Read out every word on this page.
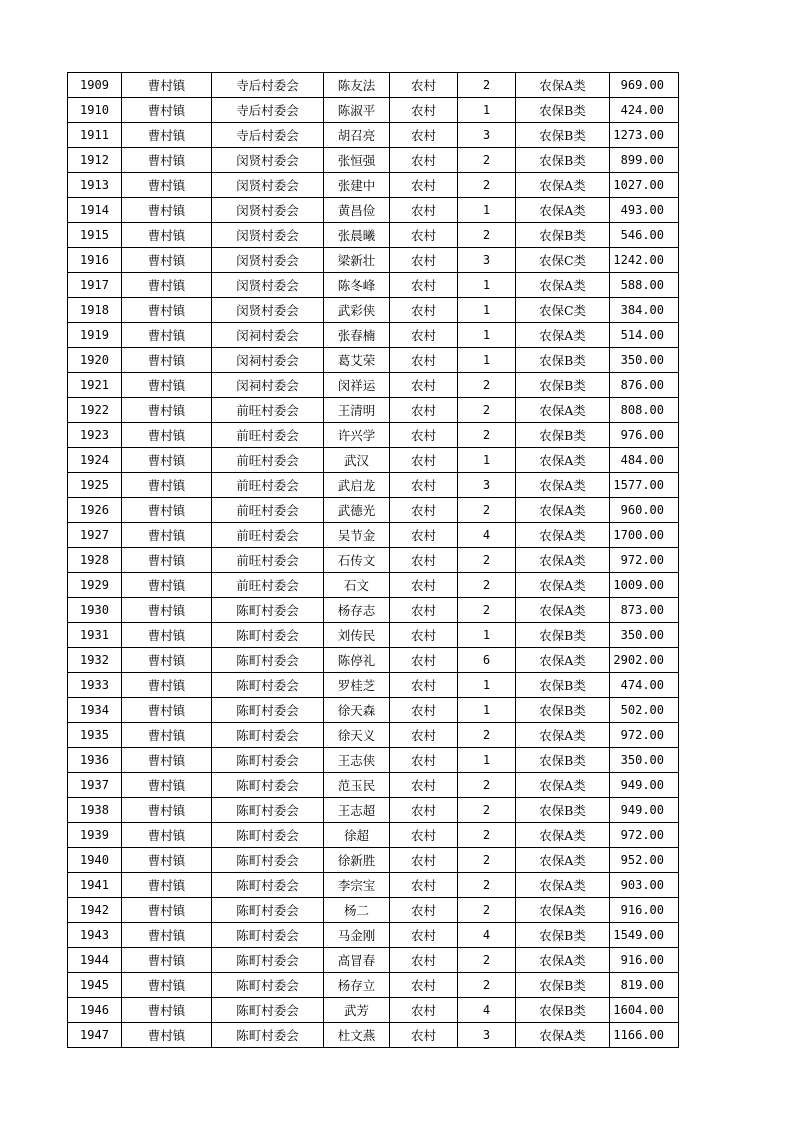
1909	曹村镇	寺后村委会	陈友法	农村	2	农保A类	969.00
1910	曹村镇	寺后村委会	陈淑平	农村	1	农保B类	424.00
1911	曹村镇	寺后村委会	胡召亮	农村	3	农保B类	1273.00
1912	曹村镇	闵贤村委会	张恒强	农村	2	农保B类	899.00
1913	曹村镇	闵贤村委会	张建中	农村	2	农保A类	1027.00
1914	曹村镇	闵贤村委会	黄昌俭	农村	1	农保A类	493.00
1915	曹村镇	闵贤村委会	张晨曦	农村	2	农保B类	546.00
1916	曹村镇	闵贤村委会	梁新壮	农村	3	农保C类	1242.00
1917	曹村镇	闵贤村委会	陈冬峰	农村	1	农保A类	588.00
1918	曹村镇	闵贤村委会	武彩侠	农村	1	农保C类	384.00
1919	曹村镇	闵祠村委会	张春楠	农村	1	农保A类	514.00
1920	曹村镇	闵祠村委会	葛艾荣	农村	1	农保B类	350.00
1921	曹村镇	闵祠村委会	闵祥运	农村	2	农保B类	876.00
1922	曹村镇	前旺村委会	王清明	农村	2	农保A类	808.00
1923	曹村镇	前旺村委会	许兴学	农村	2	农保B类	976.00
1924	曹村镇	前旺村委会	武汉	农村	1	农保A类	484.00
1925	曹村镇	前旺村委会	武启龙	农村	3	农保A类	1577.00
1926	曹村镇	前旺村委会	武德光	农村	2	农保A类	960.00
1927	曹村镇	前旺村委会	吴节金	农村	4	农保A类	1700.00
1928	曹村镇	前旺村委会	石传文	农村	2	农保A类	972.00
1929	曹村镇	前旺村委会	石文	农村	2	农保A类	1009.00
1930	曹村镇	陈町村委会	杨存志	农村	2	农保A类	873.00
1931	曹村镇	陈町村委会	刘传民	农村	1	农保B类	350.00
1932	曹村镇	陈町村委会	陈停礼	农村	6	农保A类	2902.00
1933	曹村镇	陈町村委会	罗桂芝	农村	1	农保B类	474.00
1934	曹村镇	陈町村委会	徐天森	农村	1	农保B类	502.00
1935	曹村镇	陈町村委会	徐天义	农村	2	农保A类	972.00
1936	曹村镇	陈町村委会	王志侠	农村	1	农保B类	350.00
1937	曹村镇	陈町村委会	范玉民	农村	2	农保A类	949.00
1938	曹村镇	陈町村委会	王志超	农村	2	农保B类	949.00
1939	曹村镇	陈町村委会	徐超	农村	2	农保A类	972.00
1940	曹村镇	陈町村委会	徐新胜	农村	2	农保A类	952.00
1941	曹村镇	陈町村委会	李宗宝	农村	2	农保A类	903.00
1942	曹村镇	陈町村委会	杨二	农村	2	农保A类	916.00
1943	曹村镇	陈町村委会	马金刚	农村	4	农保B类	1549.00
1944	曹村镇	陈町村委会	高冒春	农村	2	农保A类	916.00
1945	曹村镇	陈町村委会	杨存立	农村	2	农保B类	819.00
1946	曹村镇	陈町村委会	武芳	农村	4	农保B类	1604.00
1947	曹村镇	陈町村委会	杜文燕	农村	3	农保A类	1166.00
